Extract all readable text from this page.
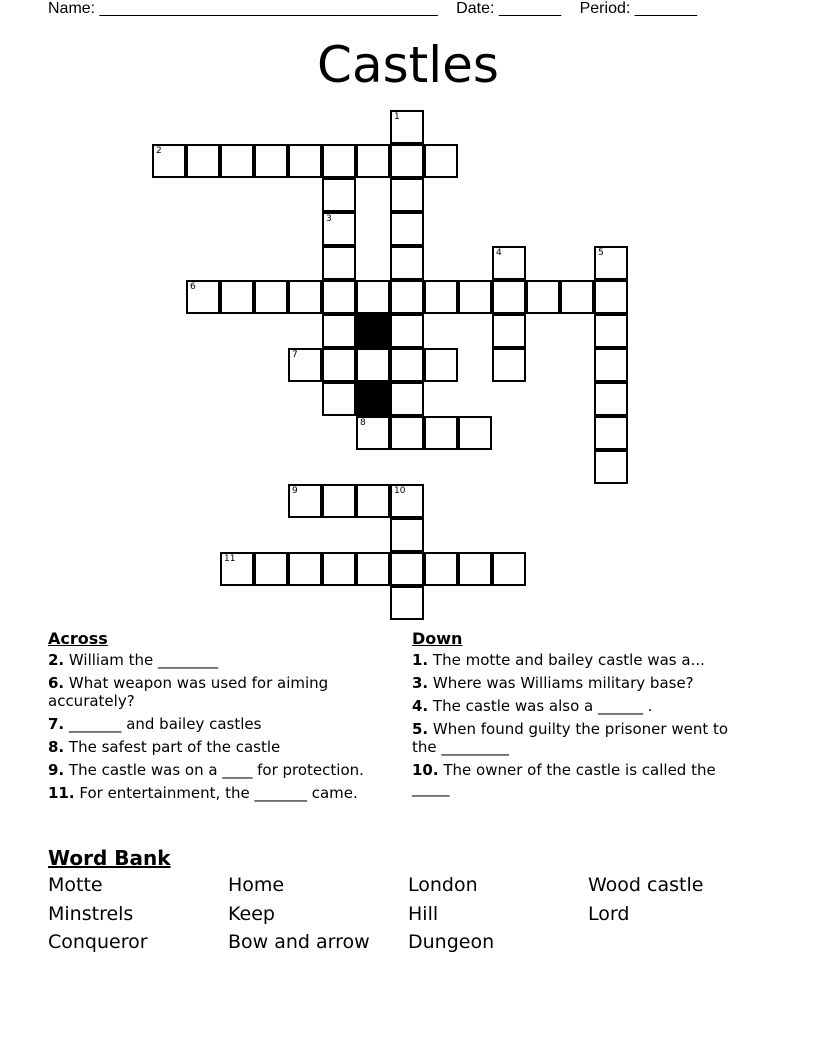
Name: ______________________________________ Date: _______ Period: _______
Castles
1
2
3
4	5
6
7
8
9	10
11
Across
2. William the ________
6. What weapon was used for aiming accurately?
7. _______ and bailey castles
8. The safest part of the castle
9. The castle was on a ____ for protection.
11. For entertainment, the _______ came.
Down
1. The motte and bailey castle was a...
3. Where was Williams military base?
4. The castle was also a ______ .
5. When found guilty the prisoner went to the _________
10. The owner of the castle is called the _____
Word Bank
Motte	Home	London	Wood castle
Minstrels	Keep	Hill	Lord
Conqueror	Bow and arrow	Dungeon
